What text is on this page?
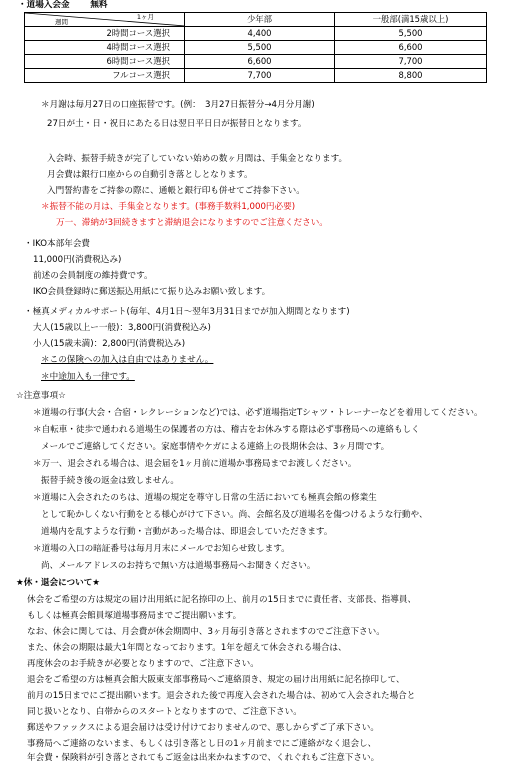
・道場入会金 無料
1ヶ月
週間	少年部	一般部(満15歳以上)
2時間コース選択	4,400	5,500
4時間コース選択	5,500	6,600
6時間コース選択	6,600	7,700
フルコース選択	7,700	8,800
＊月謝は毎月27日の口座振替です。(例：　3月27日振替分→4月分月謝)
27日が土・日・祝日にあたる日は翌日平日日が振替日となります。
入会時、振替手続きが完了していない始めの数ヶ月間は、手集金となります。
月会費は銀行口座からの自動引き落としとなります。
入門誓約書をご持参の際に、通帳と銀行印も併せてご持参下さい。
＊振替不能の月は、手集金となります。(事務手数料1,000円必要)
万一、滞納が3回続きますと滞納退会になりますのでご注意ください。
・IKO本部年会費
11,000円(消費税込み)
前述の会員制度の維持費です。
IKO会員登録時に郵送振込用紙にて振り込みお願い致します。
・極真メディカルサポート(毎年、4月1日～翌年3月31日までが加入期間となります)
大人(15歳以上ー一般)：3,800円(消費税込み)
小人(15歳未満)：2,800円(消費税込み)
＊この保険への加入は自由ではありません。
＊中途加入も一律です。
☆注意事項☆
＊道場の行事(大会・合宿・レクレーションなど)では、必ず道場指定Tシャツ・トレーナーなどを着用してください。
＊自転車・徒歩で通われる道場生の保護者の方は、稽古をお休みする際は必ず事務局への連絡もしく
メールでご連絡してください。家庭事情やケガによる連絡上の長期休会は、3ヶ月間です。
＊万一、退会される場合は、退会届を1ヶ月前に道場か事務局までお渡しください。
振替手続き後の返金は致しません。
＊道場に入会されたのちは、道場の規定を尊守し日常の生活においても極真会館の修業生
として恥かしくない行動をとる様心がけて下さい。尚、会館名及び道場名を傷つけるような行動や、
道場内を乱すような行動・言動があった場合は、即退会していただきます。
＊道場の入口の暗証番号は毎月月末にメールでお知らせ致します。
尚、メールアドレスのお持ちで無い方は道場事務局へお聞きください。
★休・退会について★
休会をご希望の方は規定の届け出用紙に記名捺印の上、前月の15日までに責任者、支部長、指導員、
もしくは極真会館員塚道場事務局までご提出願います。
なお、休会に関しては、月会費が休会期間中、3ヶ月毎引き落とされますのでご注意下さい。
また、休会の期限は最大1年間となっております。1年を超えて休会される場合は、
再度休会のお手続きが必要となりますので、ご注意下さい。
退会をご希望の方は極真会館大阪東支部事務局へご連絡頂き、規定の届け出用紙に記名捺印して、
前月の15日までにご提出願います。退会された後で再度入会された場合は、初めて入会された場合と
同じ扱いとなり、白帯からのスタートとなりますので、ご注意下さい。
郵送やファックスによる退会届けは受け付けておりませんので、悪しからずご了承下さい。
事務局へご連絡のないまま、もしくは引き落とし日の1ヶ月前までにご連絡がなく退会し、
年会費・保険料が引き落とされてもご返金は出来かねますので、くれぐれもご注意下さい。
